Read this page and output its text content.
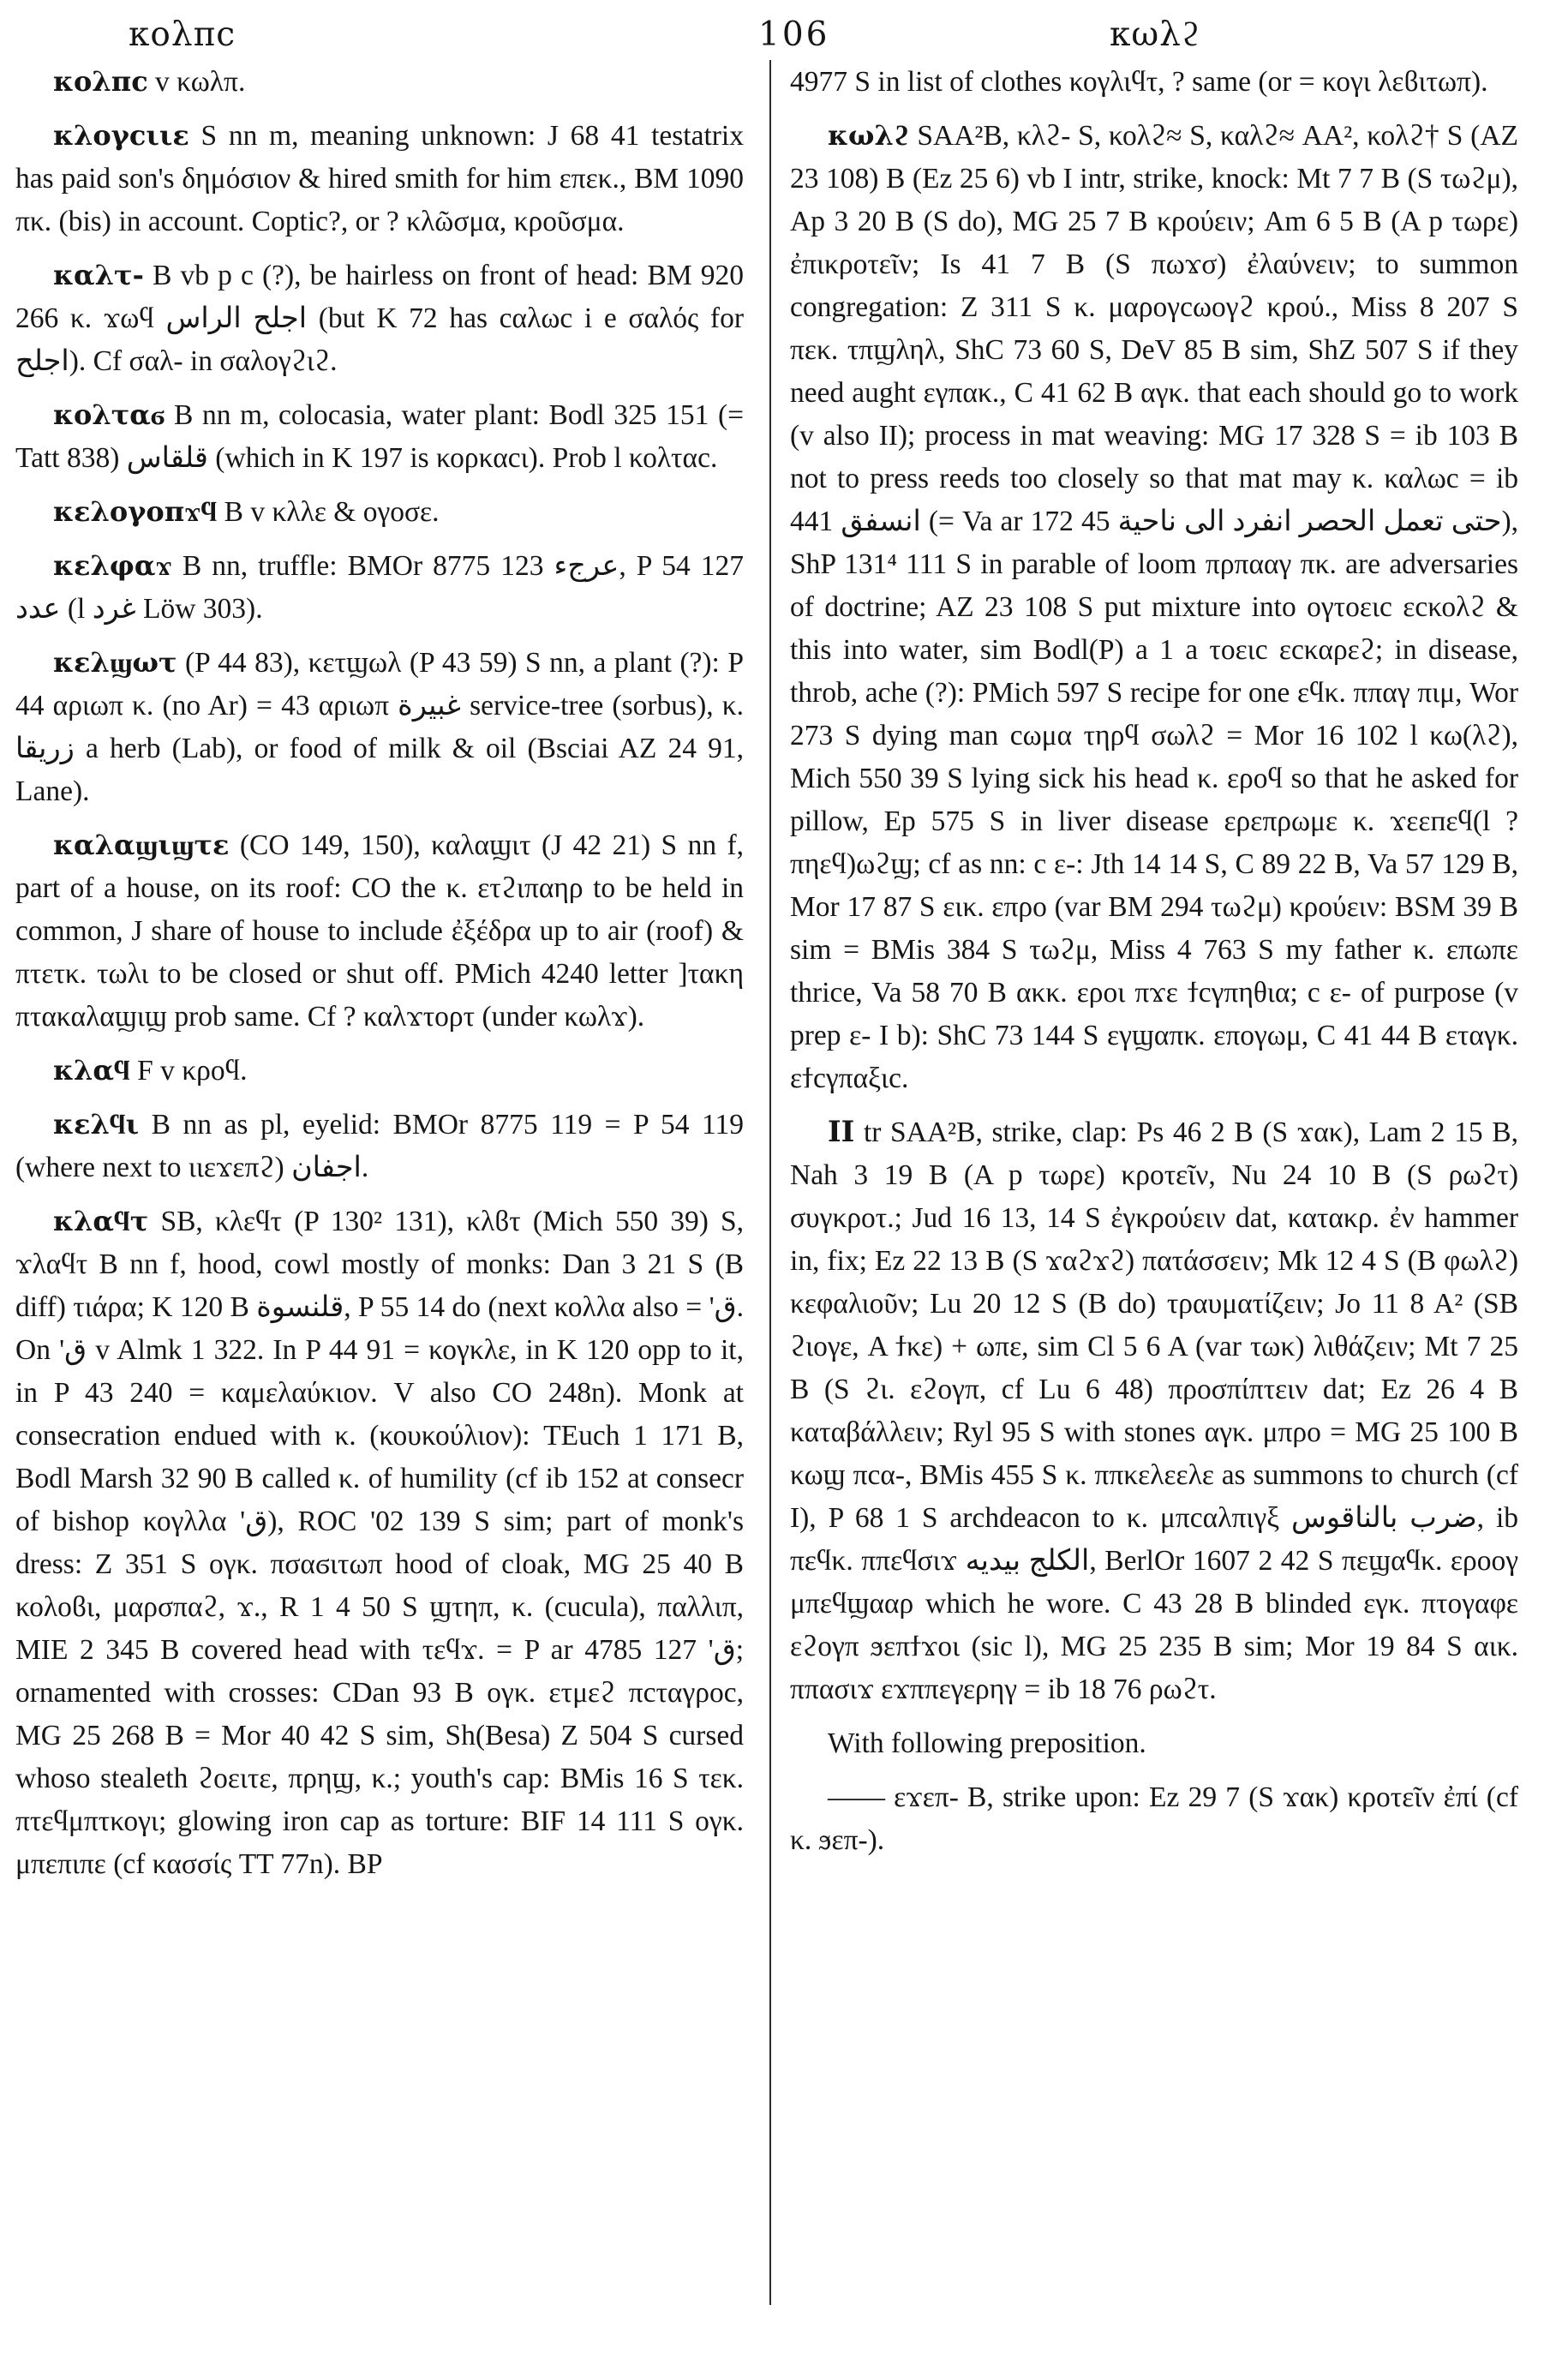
κολπc	106	κωλϩ

κολπc v κωλπ.

κλογcιιε S nn m, meaning unknown: J 68 41 testatrix has paid son's δημόσιον & hired smith for him επεκ., BM 1090 πκ. (bis) in account. Coptic?, or ? κλῶσμα, κροῦσμα.

καλτ- B vb p c (?), be hairless on front of head: BM 920 266 κ. ϫωϥ اجلح الراس (but K 72 has cαλωc i e σαλός for اجلح). Cf σαλ- in σαλογϩιϩ.

κολταϭ B nn m, colocasia, water plant: Bodl 325 151 (= Tatt 838) قلقاس (which in K 197 is κορκαcι). Prob l κολταc.

κελογοπϫϥ B v κλλε & ογοσε.

κελφαϫ B nn, truffle: BMOr 8775 123 عرجء, P 54 127 عدد (l غرد Löw 303).

κελϣωτ (P 44 83), κετϣωλ (P 43 59) S nn, a plant (?): P 44 αριωπ κ. (no Ar) = 43 αριωπ غبيرة service-tree (sorbus), κ. زريقا a herb (Lab), or food of milk & oil (Bsciai AZ 24 91, Lane).

καλαϣιϣτε (CO 149, 150), καλαϣιτ (J 42 21) S nn f, part of a house, on its roof: CO the κ. ετϩιπαηρ to be held in common, J share of house to include ἐξέδρα up to air (roof) & πτετκ. τωλι to be closed or shut off. PMich 4240 letter ]τακη πτακαλαϣιϣ prob same. Cf ? καλϫτορτ (under κωλϫ).

κλαϥ F v κροϥ.

κελϥι B nn as pl, eyelid: BMOr 8775 119 = P 54 119 (where next to ιιεϫεπϩ) اجفان.

κλαϥτ SB, κλεϥτ (P 130² 131), κλϐτ (Mich 550 39) S, ϫλαϥτ B nn f, hood, cowl mostly of monks: Dan 3 21 S (B diff) τιάρα; K 120 B قلنسوة, P 55 14 do (next κολλα also = 'ق. On 'ق v Almk 1 322. In P 44 91 = κογκλε, in K 120 opp to it, in P 43 240 = καμελαύκιον. V also CO 248n). Monk at consecration endued with κ. (κουκούλιον): TEuch 1 171 B, Bodl Marsh 32 90 B called κ. of humility (cf ib 152 at consecr of bishop κογλλα 'ق), ROC '02 139 S sim; part of monk's dress: Z 351 S ογκ. πσαϭιτωπ hood of cloak, MG 25 40 B κολοϐι, μαρσπαϩ, ϫ., R 1 4 50 S ϣτηπ, κ. (cucula), παλλιπ, MIE 2 345 B covered head with τεϥϫ. = P ar 4785 127 'ق; ornamented with crosses: CDan 93 B ογκ. ετμεϩ πcταγροc, MG 25 268 B = Mor 40 42 S sim, Sh(Besa) Z 504 S cursed whoso stealeth ϩοειτε, πρηϣ, κ.; youth's cap: BMis 16 S τεκ. πτεϥμπτκογι; glowing iron cap as torture: BIF 14 111 S ογκ. μπεπιπε (cf κασσίς TT 77n). BP

4977 S in list of clothes κογλιϥτ, ? same (or = κογι λεϐιτωπ).

κωλϩ SAA²B, κλϩ- S, κολϩ≈ S, καλϩ≈ AA², κολϩ† S (AZ 23 108) B (Ez 25 6) vb I intr, strike, knock: Mt 7 7 B (S τωϩμ), Ap 3 20 B (S do), MG 25 7 B κρούειν; Am 6 5 B (A p τωρε) ἐπικροτεῖν; Is 41 7 B (S πωϫσ) ἐλαύνειν; to summon congregation: Z 311 S κ. μαρογcωογϩ κρού., Miss 8 207 S πεκ. τπϣληλ, ShC 73 60 S, DeV 85 B sim, ShZ 507 S if they need aught εγπακ., C 41 62 B αγκ. that each should go to work (v also II); process in mat weaving: MG 17 328 S = ib 103 B not to press reeds too closely so that mat may κ. καλωc = ib 441 انسفق (= Va ar 172 45 حتى تعمل الحصر انفرد الى ناحية), ShP 131⁴ 111 S in parable of loom πρπααγ πκ. are adversaries of doctrine; AZ 23 108 S put mixture into ογτοειc εcκολϩ & this into water, sim Bodl(P) a 1 a τοειc εcκαρεϩ; in disease, throb, ache (?): PMich 597 S recipe for one εϥκ. ππαγ πιμ, Wor 273 S dying man cωμα τηρϥ σωλϩ = Mor 16 102 l κω(λϩ), Mich 550 39 S lying sick his head κ. εροϥ so that he asked for pillow, Ep 575 S in liver disease ερεπρωμε κ. ϫεεпεϥ(l ? πηεϥ)ωϩϣ; cf as nn: c ε-: Jth 14 14 S, C 89 22 B, Va 57 129 B, Mor 17 87 S εικ. επρο (var BM 294 τωϩμ) κρούειν: BSM 39 B sim = BMis 384 S τωϩμ, Miss 4 763 S my father κ. επωπε thrice, Va 58 70 B ακκ. εροι πϫε ϯcγπηθια; c ε- of purpose (v prep ε- I b): ShC 73 144 S εγϣαπκ. επογωμ, C 41 44 B εταγκ. εϯcγπαξιc.

II tr SAA²B, strike, clap: Ps 46 2 B (S ϫακ), Lam 2 15 B, Nah 3 19 B (A p τωρε) κροτεῖν, Nu 24 10 B (S ρωϩτ) συγκροτ.; Jud 16 13, 14 S ἐγκρούειν dat, κατακρ. ἐν hammer in, fix; Ez 22 13 B (S ϫαϩϫϩ) πατάσσειν; Mk 12 4 S (B φωλϩ) κεφαλιοῦν; Lu 20 12 S (B do) τραυματίζειν; Jo 11 8 A² (SB ϩιογε, A ϯκε) + ωπε, sim Cl 5 6 A (var τωκ) λιθάζειν; Mt 7 25 B (S ϩι. εϩογπ, cf Lu 6 48) προσπίπτειν dat; Ez 26 4 B καταβάλλειν; Ryl 95 S with stones αγκ. μπρο = MG 25 100 B κωϣ πcα-, BMis 455 S κ. ππκελεελε as summons to church (cf I), P 68 1 S archdeacon to κ. μπcαλπιγξ ضرب بالناقوس, ib πεϥκ. ππεϥσιϫ الكلج بيديه, BerlOr 1607 2 42 S πεϣαϥκ. εροογ μπεϥϣααρ which he wore. C 43 28 B blinded εγκ. πτογαφε εϩογπ ϧεπϯϫοι (sic l), MG 25 235 B sim; Mor 19 84 S αικ. ππασιϫ εϫππεγερηγ = ib 18 76 ρωϩτ.

With following preposition.

—— εϫεπ- B, strike upon: Ez 29 7 (S ϫακ) κροτεῖν ἐπί (cf κ. ϧεπ-).
